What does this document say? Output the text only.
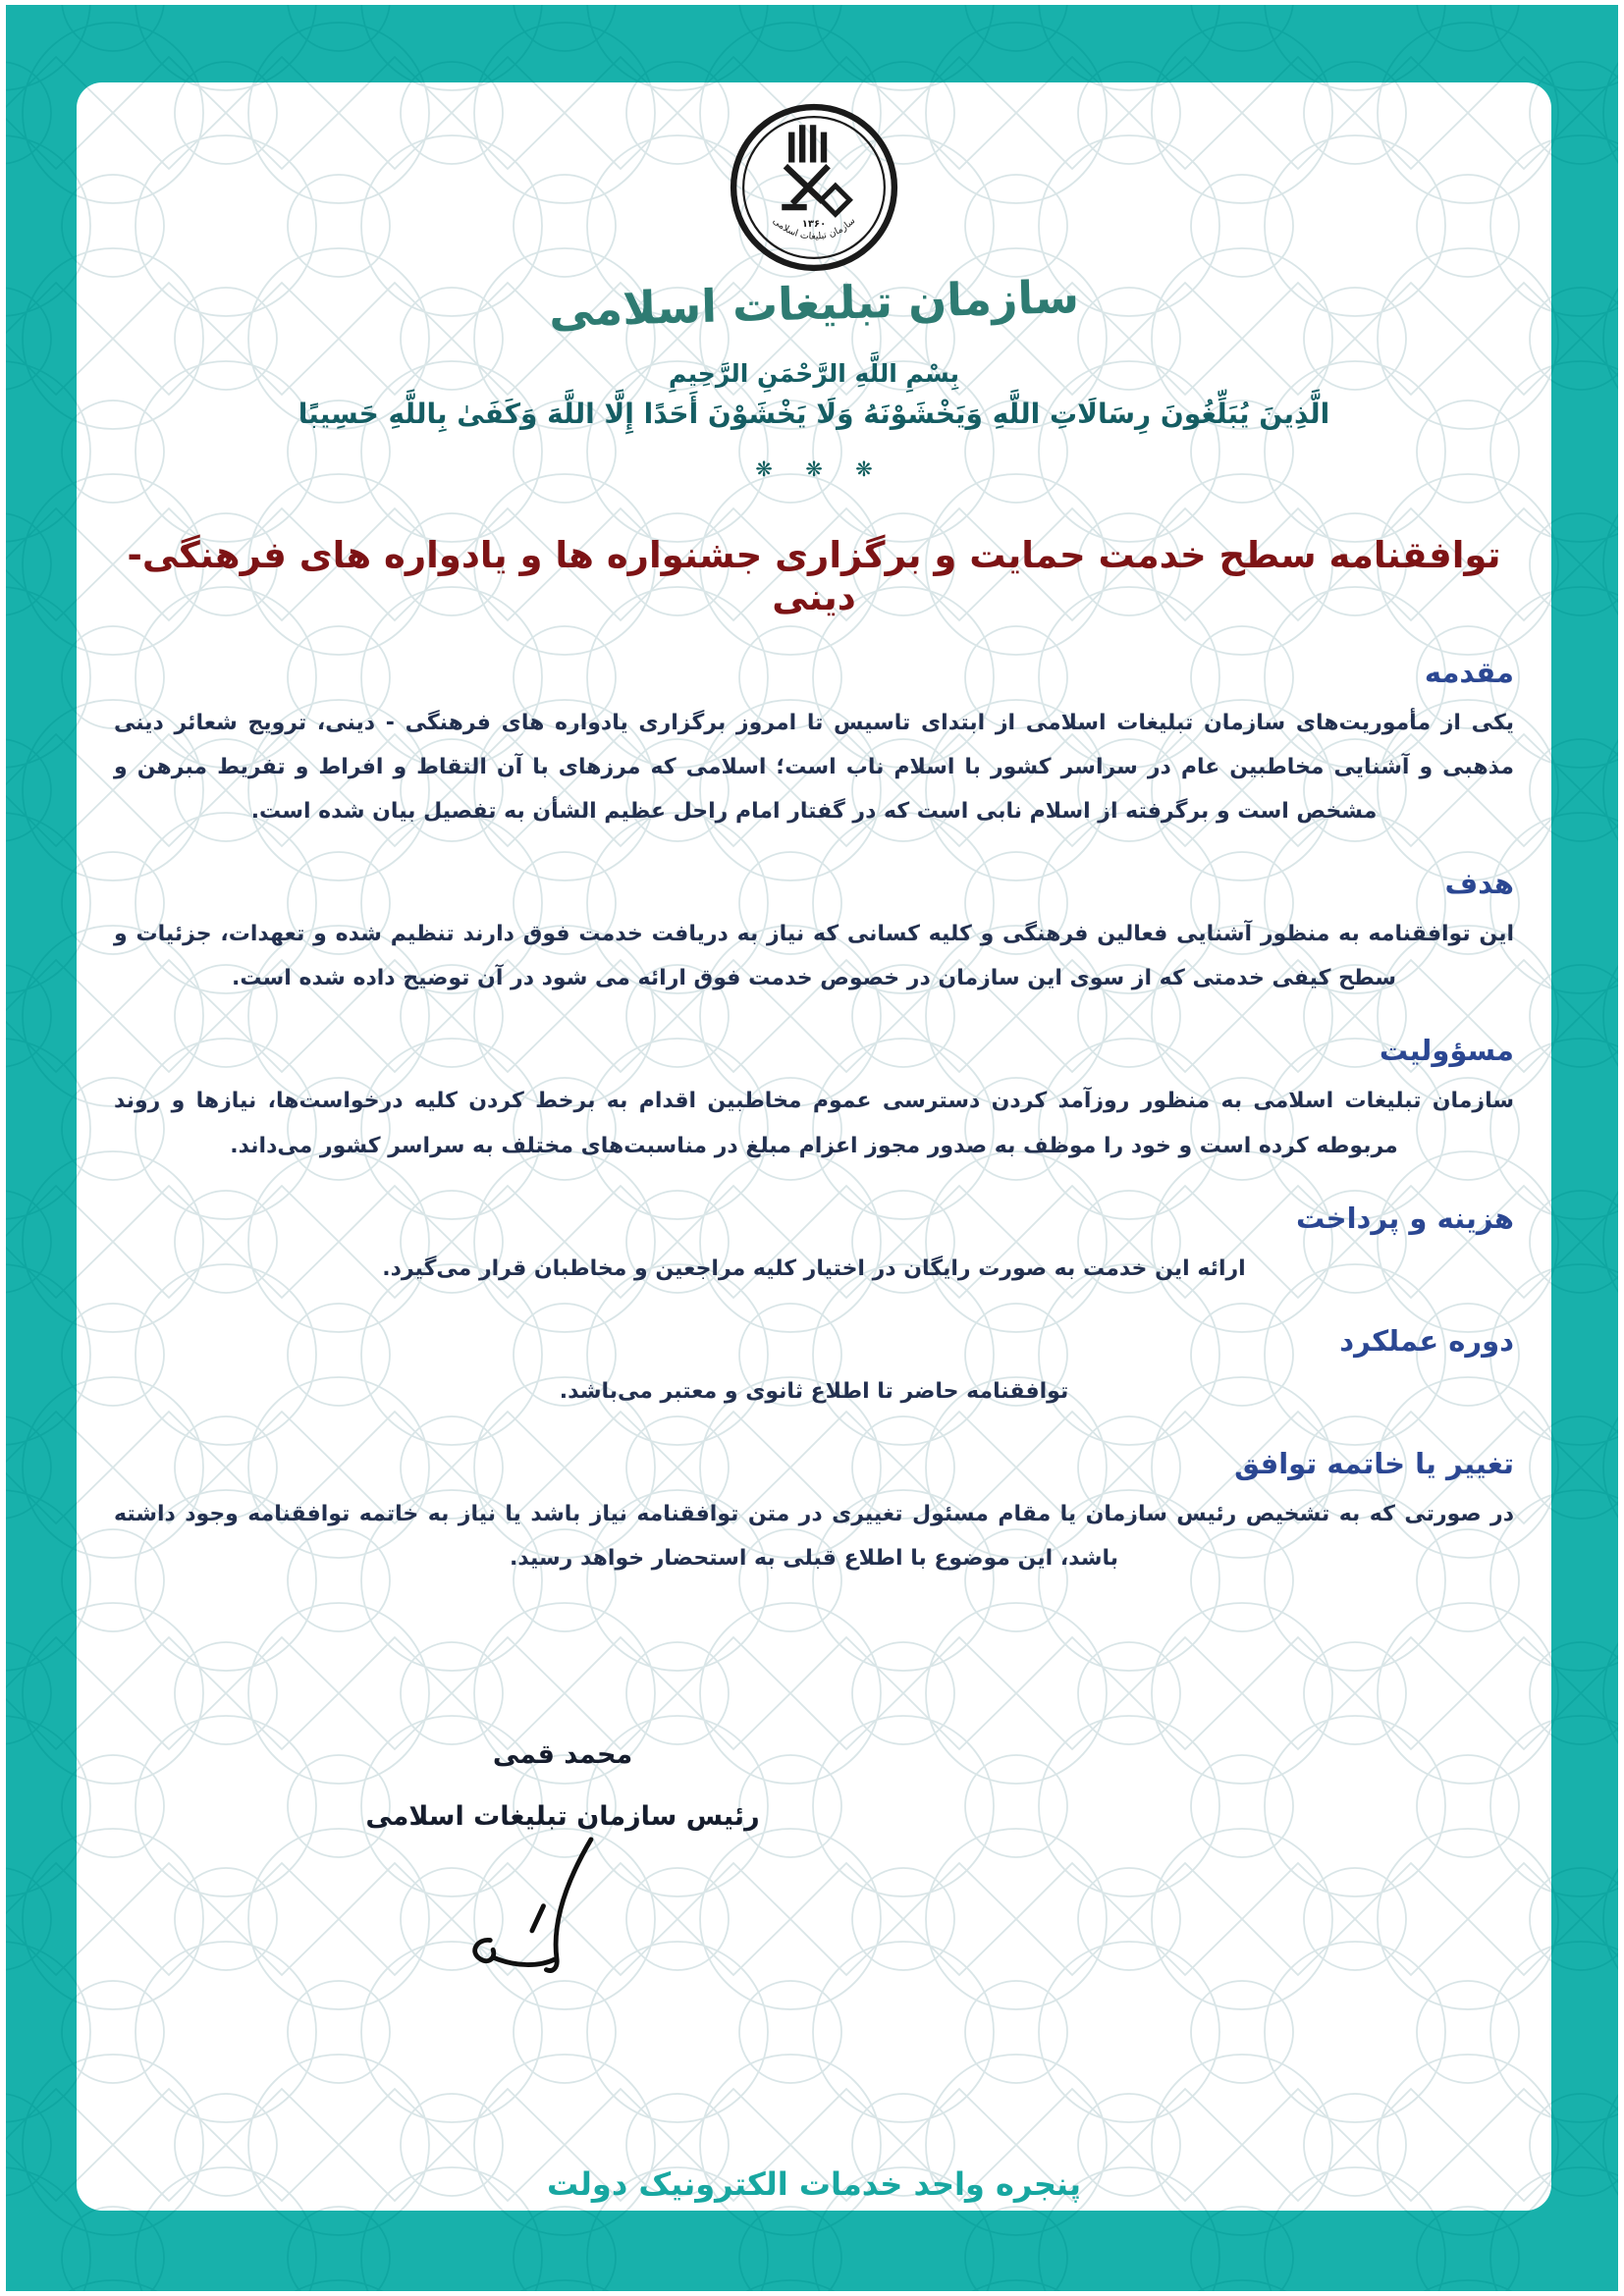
۱۳۶۰
سازمان تبلیغات اسلامی
سازمان تبلیغات اسلامی
بِسْمِ اللَّهِ الرَّحْمَنِ الرَّحِيمِ
الَّذِينَ يُبَلِّغُونَ رِسَالَاتِ اللَّهِ وَيَخْشَوْنَهُ وَلَا يَخْشَوْنَ أَحَدًا إِلَّا اللَّهَ وَكَفَىٰ بِاللَّهِ حَسِيبًا
❋ ❋ ❋
توافقنامه سطح خدمت حمایت و برگزاری جشنواره ها و یادواره های فرهنگی-دینی
مقدمه

یکی از مأموریت‌های سازمان تبلیغات اسلامی از ابتدای تاسیس تا امروز برگزاری یادواره های فرهنگی - دینی، ترویج شعائر دینی مذهبی و آشنایی مخاطبین عام در سراسر کشور با اسلام ناب است؛ اسلامی که مرزهای با آن التقاط و افراط و تفریط مبرهن و مشخص است و برگرفته از اسلام نابی است که در گفتار امام راحل عظیم الشأن به تفصیل بیان شده است.

هدف

این توافقنامه به منظور آشنایی فعالین فرهنگی و کلیه کسانی که نیاز به دریافت خدمت فوق دارند تنظیم شده و تعهدات، جزئیات و سطح کیفی خدمتی که از سوی این سازمان در خصوص خدمت فوق ارائه می شود در آن توضیح داده شده است.

مسؤولیت

سازمان تبلیغات اسلامی به منظور روزآمد کردن دسترسی عموم مخاطبین اقدام به برخط کردن کلیه درخواست‌ها، نیازها و روند مربوطه کرده است و خود را موظف به صدور مجوز اعزام مبلغ در مناسبت‌های مختلف به سراسر کشور می‌داند.

هزینه و پرداخت

ارائه این خدمت به صورت رایگان در اختیار کلیه مراجعین و مخاطبان قرار می‌گیرد.

دوره عملکرد

توافقنامه حاضر تا اطلاع ثانوی و معتبر می‌باشد.

تغییر یا خاتمه توافق

در صورتی که به تشخیص رئیس سازمان یا مقام مسئول تغییری در متن توافقنامه نیاز باشد یا نیاز به خاتمه توافقنامه وجود داشته باشد، این موضوع با اطلاع قبلی به استحضار خواهد رسید.

محمد قمی
رئیس سازمان تبلیغات اسلامی
پنجره واحد خدمات الکترونیک دولت
